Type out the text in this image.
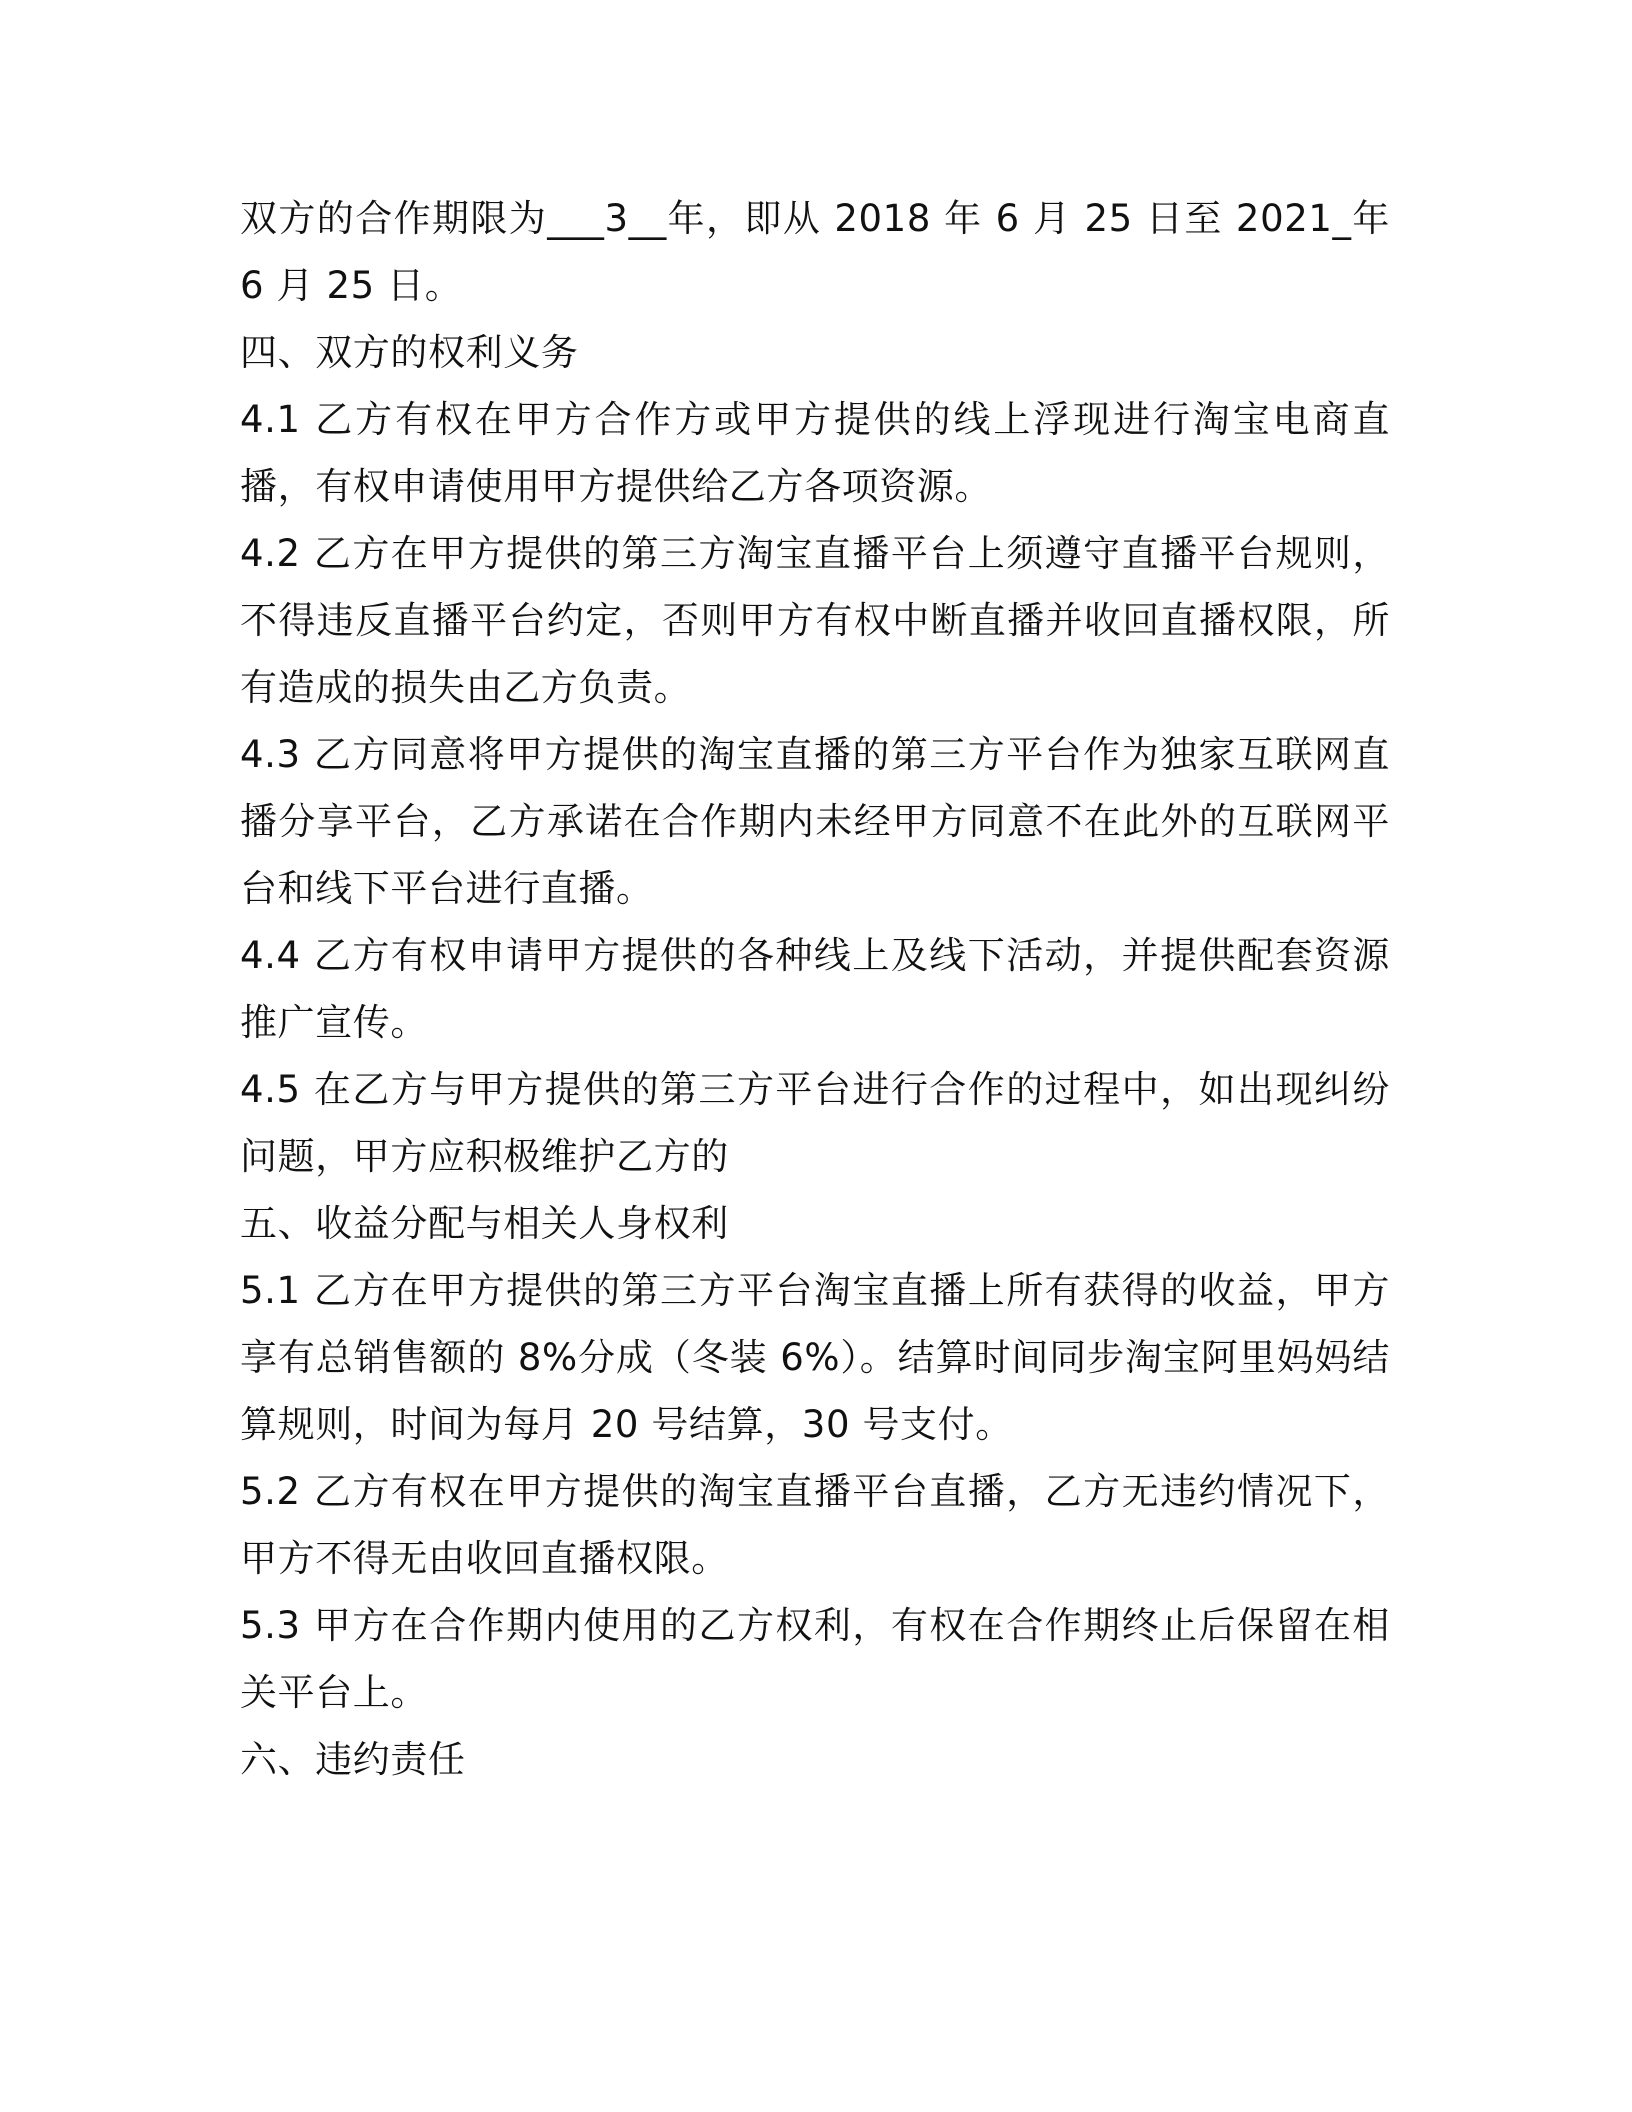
双方的合作期限为___3__年，即从 2018 年 6 月 25 日至 2021_年 6 月 25 日。

四、双方的权利义务

4.1 乙方有权在甲方合作方或甲方提供的线上浮现进行淘宝电商直播，有权申请使用甲方提供给乙方各项资源。

4.2 乙方在甲方提供的第三方淘宝直播平台上须遵守直播平台规则，不得违反直播平台约定，否则甲方有权中断直播并收回直播权限，所有造成的损失由乙方负责。

4.3 乙方同意将甲方提供的淘宝直播的第三方平台作为独家互联网直播分享平台，乙方承诺在合作期内未经甲方同意不在此外的互联网平台和线下平台进行直播。

4.4 乙方有权申请甲方提供的各种线上及线下活动，并提供配套资源推广宣传。

4.5 在乙方与甲方提供的第三方平台进行合作的过程中，如出现纠纷问题，甲方应积极维护乙方的

五、收益分配与相关人身权利

5.1 乙方在甲方提供的第三方平台淘宝直播上所有获得的收益，甲方享有总销售额的 8%分成（冬装 6%）。结算时间同步淘宝阿里妈妈结算规则，时间为每月 20 号结算，30 号支付。

5.2 乙方有权在甲方提供的淘宝直播平台直播，乙方无违约情况下，甲方不得无由收回直播权限。

5.3 甲方在合作期内使用的乙方权利，有权在合作期终止后保留在相关平台上。

六、违约责任
